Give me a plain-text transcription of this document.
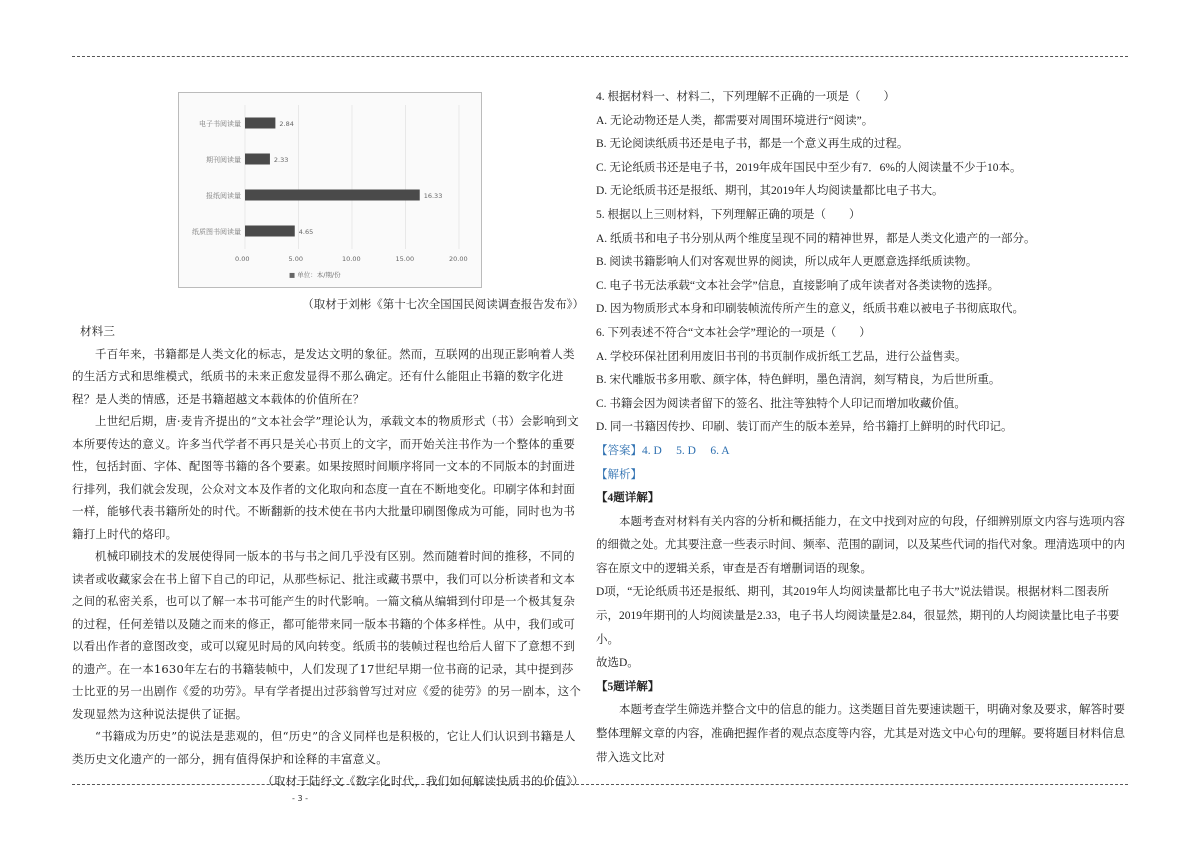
0.00	5.00	10.00	15.00	20.00
电子书阅读量	2.84
期刊阅读量	2.33
报纸阅读量	16.33
纸质图书阅读量	4.65
■ 单位：本/期/份
（取材于刘彬《第十七次全国国民阅读调查报告发布》）

材料三

千百年来，书籍都是人类文化的标志，是发达文明的象征。然而，互联网的出现正影响着人类的生活方式和思维模式，纸质书的未来正愈发显得不那么确定。还有什么能阻止书籍的数字化进程？是人类的情感，还是书籍超越文本载体的价值所在？

上世纪后期，唐·麦肯齐提出的“文本社会学”理论认为，承载文本的物质形式（书）会影响到文本所要传达的意义。许多当代学者不再只是关心书页上的文字，而开始关注书作为一个整体的重要性，包括封面、字体、配图等书籍的各个要素。如果按照时间顺序将同一文本的不同版本的封面进行排列，我们就会发现，公众对文本及作者的文化取向和态度一直在不断地变化。印刷字体和封面一样，能够代表书籍所处的时代。不断翻新的技术使在书内大批量印刷图像成为可能，同时也为书籍打上时代的烙印。

机械印刷技术的发展使得同一版本的书与书之间几乎没有区别。然而随着时间的推移，不同的读者或收藏家会在书上留下自己的印记，从那些标记、批注或藏书票中，我们可以分析读者和文本之间的私密关系，也可以了解一本书可能产生的时代影响。一篇文稿从编辑到付印是一个极其复杂的过程，任何差错以及随之而来的修正，都可能带来同一版本书籍的个体多样性。从中，我们或可以看出作者的意图改变，或可以窥见时局的风向转变。纸质书的装帧过程也给后人留下了意想不到的遗产。在一本1630年左右的书籍装帧中，人们发现了17世纪早期一位书商的记录，其中提到莎士比亚的另一出剧作《爱的功劳》。早有学者提出过莎翁曾写过对应《爱的徒劳》的另一剧本，这个发现显然为这种说法提供了证据。

“书籍成为历史”的说法是悲观的，但“历史”的含义同样也是积极的，它让人们认识到书籍是人类历史文化遗产的一部分，拥有值得保护和诠释的丰富意义。

（取材于陆纾文《数字化时代，我们如何解读快质书的价值》）

4. 根据材料一、材料二，下列理解不正确的一项是（　　）

A. 无论动物还是人类，都需要对周围环境进行“阅读”。

B. 无论阅读纸质书还是电子书，都是一个意义再生成的过程。

C. 无论纸质书还是电子书，2019年成年国民中至少有7．6%的人阅读量不少于10本。

D. 无论纸质书还是报纸、期刊，其2019年人均阅读量都比电子书大。

5. 根据以上三则材料，下列理解正确的项是（　　）

A. 纸质书和电子书分别从两个维度呈现不同的精神世界，都是人类文化遗产的一部分。

B. 阅读书籍影响人们对客观世界的阅读，所以成年人更愿意选择纸质读物。

C. 电子书无法承载“文本社会学”信息，直接影响了成年读者对各类读物的选择。

D. 因为物质形式本身和印刷装帧流传所产生的意义，纸质书难以被电子书彻底取代。

6. 下列表述不符合“文本社会学”理论的一项是（　　）

A. 学校环保社团利用废旧书刊的书页制作成折纸工艺品，进行公益售卖。

B. 宋代雕版书多用歌、颜字体，特色鲜明，墨色清润，刻写精良，为后世所重。

C. 书籍会因为阅读者留下的签名、批注等独特个人印记而增加收藏价值。

D. 同一书籍因传抄、印刷、装订而产生的版本差异，给书籍打上鲜明的时代印记。

【答案】4. D　 5. D　 6. A

【解析】

【4题详解】

本题考查对材料有关内容的分析和概括能力，在文中找到对应的句段，仔细辨别原文内容与选项内容的细微之处。尤其要注意一些表示时间、频率、范围的副词，以及某些代词的指代对象。理清选项中的内容在原文中的逻辑关系，审查是否有增删词语的现象。

D项，“无论纸质书还是报纸、期刊，其2019年人均阅读量都比电子书大”说法错误。根据材料二图表所示，2019年期刊的人均阅读量是2.33，电子书人均阅读量是2.84，很显然，期刊的人均阅读量比电子书要小。

故选D。

【5题详解】

本题考查学生筛选并整合文中的信息的能力。这类题目首先要速读题干，明确对象及要求，解答时要整体理解文章的内容，准确把握作者的观点态度等内容，尤其是对选文中心句的理解。要将题目材料信息带入选文比对

- 3 -
